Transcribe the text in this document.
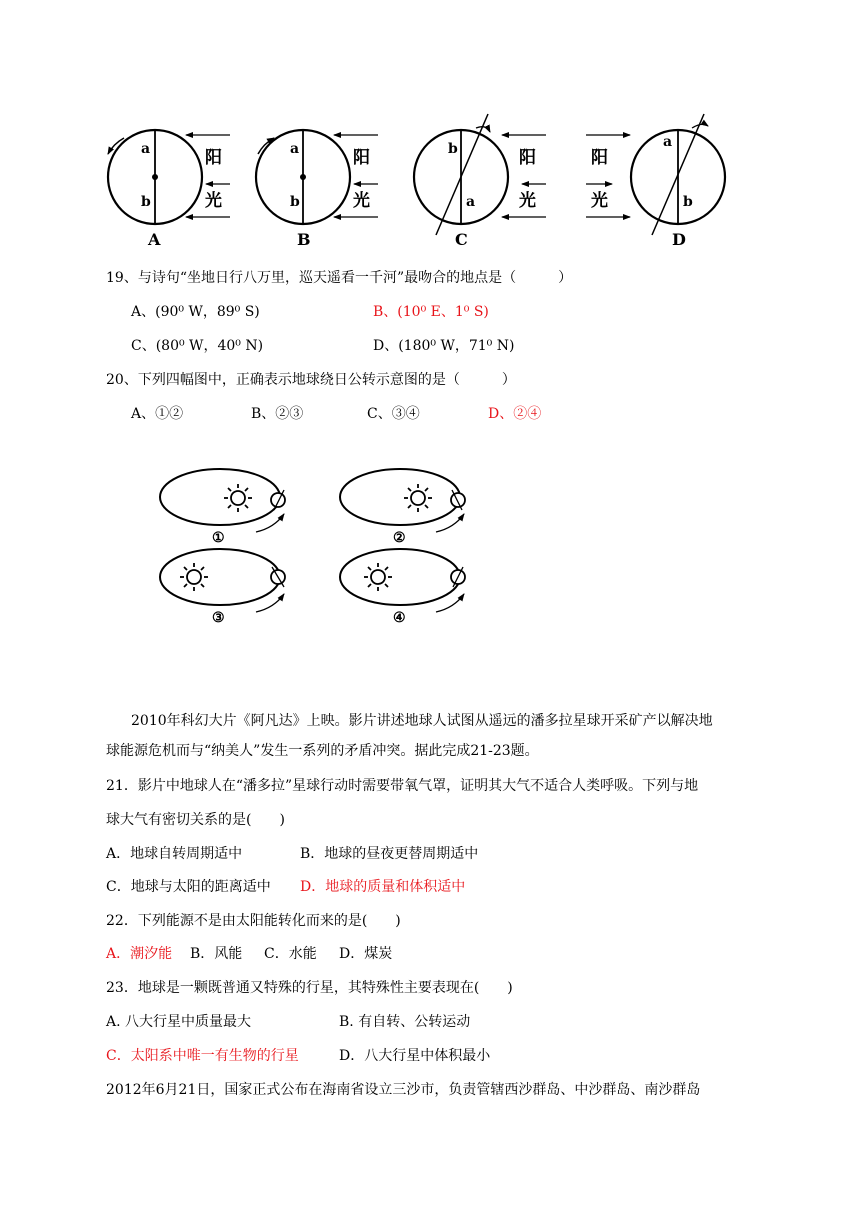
a
b
阳
光
A
a
b
阳
光
B
b
a
阳
光
C
阳
光
a
b
D
19、与诗句“坐地日行八万里，巡天遥看一千河”最吻合的地点是（　　　）
A、(90⁰ W，89⁰ S)	B、(10⁰ E、1⁰ S)
C、(80⁰ W，40⁰ N)	D、(180⁰ W，71⁰ N)
20、下列四幅图中，正确表示地球绕日公转示意图的是（　　　）
A、①②	B、②③	C、③④	D、②④
①	②
③	④
2010年科幻大片《阿凡达》上映。影片讲述地球人试图从遥远的潘多拉星球开采矿产以解决地
球能源危机而与“纳美人”发生一系列的矛盾冲突。据此完成21-23题。
21．影片中地球人在“潘多拉”星球行动时需要带氧气罩，证明其大气不适合人类呼吸。下列与地
球大气有密切关系的是(　　)
A．地球自转周期适中	B．地球的昼夜更替周期适中
C．地球与太阳的距离适中 D．地球的质量和体积适中
22．下列能源不是由太阳能转化而来的是(　　)
A．潮汐能 B．风能 C．水能 D．煤炭
23．地球是一颗既普通又特殊的行星，其特殊性主要表现在(　　)
A. 八大行星中质量最大	B. 有自转、公转运动
C．太阳系中唯一有生物的行星	D．八大行星中体积最小
2012年6月21日，国家正式公布在海南省设立三沙市，负责管辖西沙群岛、中沙群岛、南沙群岛
